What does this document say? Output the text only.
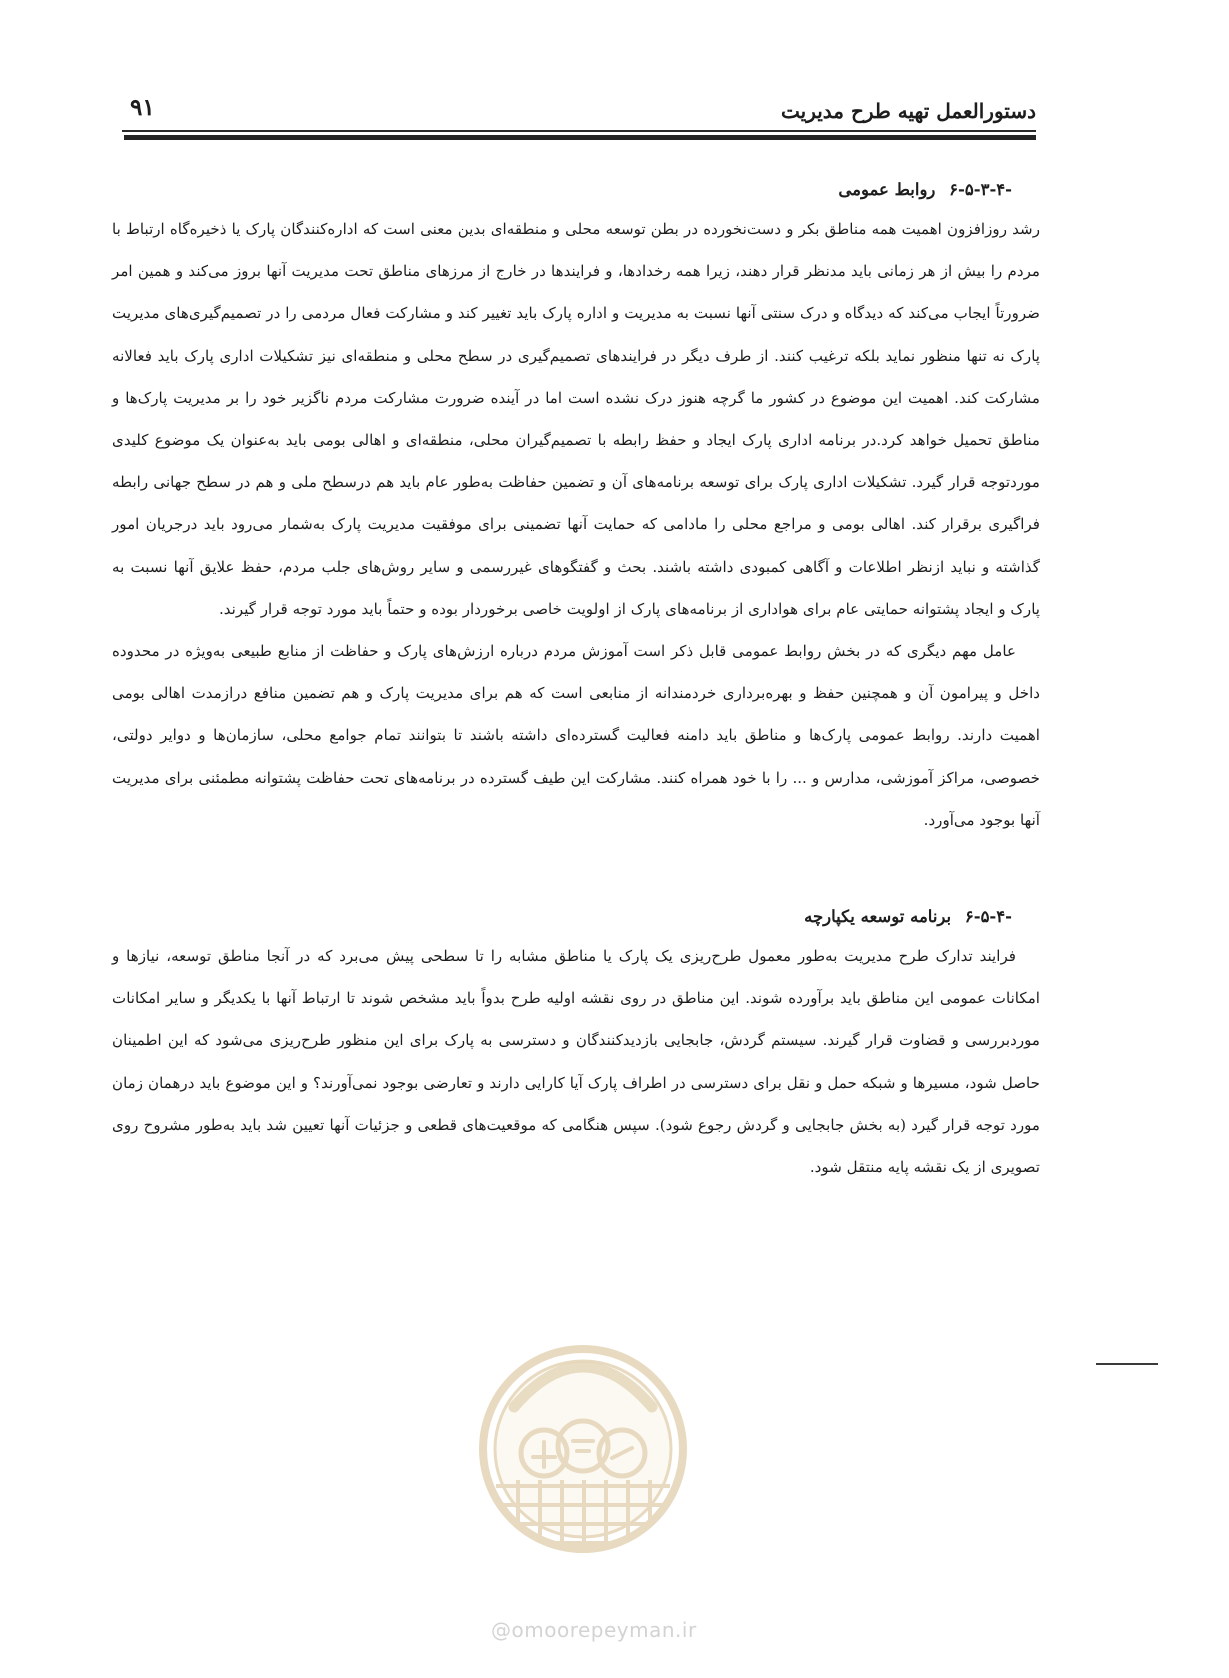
دستورالعمل تهیه طرح مدیریت
۹۱
۶-۵-۳-۴- روابط عمومی

رشد روزافزون اهمیت همه مناطق بکر و دست‌نخورده در بطن توسعه محلی و منطقه‌ای بدین معنی است که اداره‌کنندگان پارک یا ذخیره‌گاه ارتباط با مردم را بیش از هر زمانی باید مدنظر قرار دهند، زیرا همه رخدادها، و فرایندها در خارج از مرزهای مناطق تحت مدیریت آنها بروز می‌کند و همین امر ضرورتاً ایجاب می‌کند که دیدگاه و درک سنتی آنها نسبت به مدیریت و اداره پارک باید تغییر کند و مشارکت فعال مردمی را در تصمیم‌گیری‌های مدیریت پارک نه تنها منظور نماید بلکه ترغیب کنند. از طرف دیگر در فرایندهای تصمیم‌گیری در سطح محلی و منطقه‌ای نیز تشکیلات اداری پارک باید فعالانه مشارکت کند. اهمیت این موضوع در کشور ما گرچه هنوز درک نشده است اما در آینده ضرورت مشارکت مردم ناگزیر خود را بر مدیریت پارک‌ها و مناطق تحمیل خواهد کرد.در برنامه اداری پارک ایجاد و حفظ رابطه با تصمیم‌گیران محلی، منطقه‌ای و اهالی بومی باید به‌عنوان یک موضوع کلیدی موردتوجه قرار گیرد. تشکیلات اداری پارک برای توسعه برنامه‌های آن و تضمین حفاظت به‌طور عام باید هم درسطح ملی و هم در سطح جهانی رابطه فراگیری برقرار کند. اهالی بومی و مراجع محلی را مادامی که حمایت آنها تضمینی برای موفقیت مدیریت پارک به‌شمار می‌رود باید درجریان امور گذاشته و نباید ازنظر اطلاعات و آگاهی کمبودی داشته باشند. بحث و گفتگوهای غیررسمی و سایر روش‌های جلب مردم، حفظ علایق آنها نسبت به پارک و ایجاد پشتوانه حمایتی عام برای هواداری از برنامه‌های پارک از اولویت خاصی برخوردار بوده و حتماً باید مورد توجه قرار گیرند.

عامل مهم دیگری که در بخش روابط عمومی قابل ذکر است آموزش مردم درباره ارزش‌های پارک و حفاظت از منابع طبیعی به‌ویژه در محدوده داخل و پیرامون آن و همچنین حفظ و بهره‌برداری خردمندانه از منابعی است که هم برای مدیریت پارک و هم تضمین منافع درازمدت اهالی بومی اهمیت دارند. روابط عمومی پارک‌ها و مناطق باید دامنه فعالیت گسترده‌ای داشته باشند تا بتوانند تمام جوامع محلی، سازمان‌ها و دوایر دولتی، خصوصی، مراکز آموزشی، مدارس و ... را با خود همراه کنند. مشارکت این طیف گسترده در برنامه‌های تحت حفاظت پشتوانه مطمئنی برای مدیریت آنها بوجود می‌آورد.

۶-۵-۴- برنامه توسعه یکپارچه

فرایند تدارک طرح مدیریت به‌طور معمول طرح‌ریزی یک پارک یا مناطق مشابه را تا سطحی پیش می‌برد که در آنجا مناطق توسعه، نیازها و امکانات عمومی این مناطق باید برآورده شوند. این مناطق در روی نقشه اولیه طرح بدواً باید مشخص شوند تا ارتباط آنها با یکدیگر و سایر امکانات موردبررسی و قضاوت قرار گیرند. سیستم گردش، جابجایی بازدیدکنندگان و دسترسی به پارک برای این منظور طرح‌ریزی می‌شود که این اطمینان حاصل شود، مسیرها و شبکه حمل و نقل برای دسترسی در اطراف پارک آیا کارایی دارند و تعارضی بوجود نمی‌آورند؟ و این موضوع باید درهمان زمان مورد توجه قرار گیرد (به بخش جابجایی و گردش رجوع شود). سپس هنگامی که موقعیت‌های قطعی و جزئیات آنها تعیین شد باید به‌طور مشروح روی تصویری از یک نقشه پایه منتقل شود.

@omoorepeyman.ir
